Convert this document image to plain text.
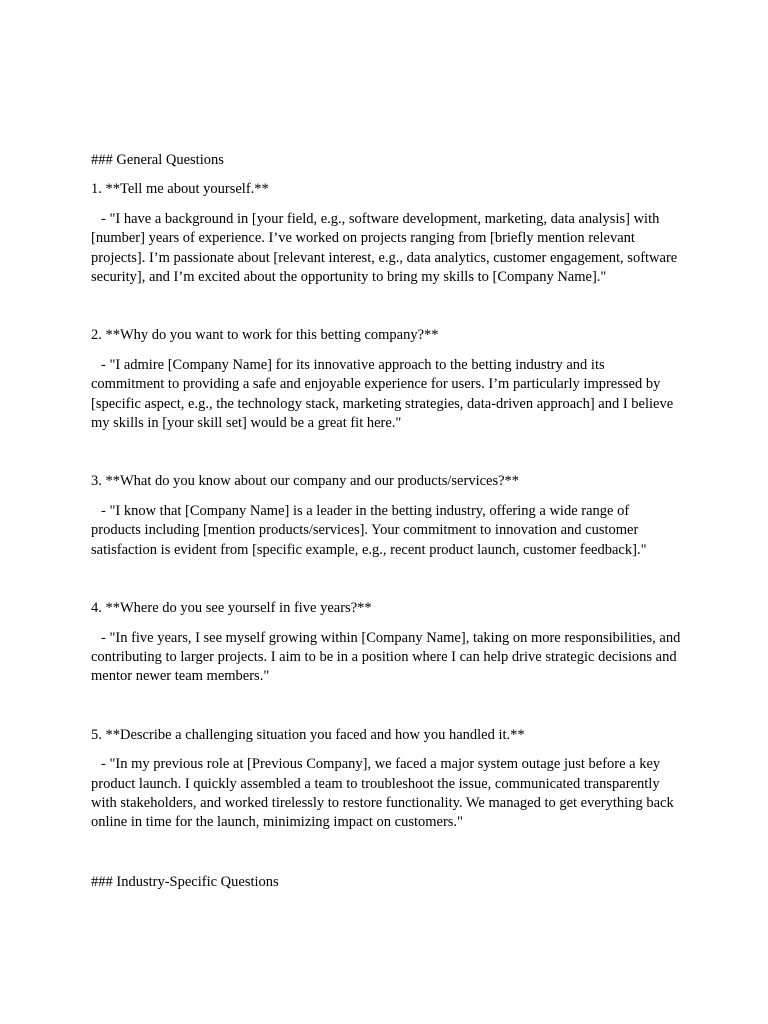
### General Questions

1. **Tell me about yourself.**

- "I have a background in [your field, e.g., software development, marketing, data analysis] with [number] years of experience. I’ve worked on projects ranging from [briefly mention relevant projects]. I’m passionate about [relevant interest, e.g., data analytics, customer engagement, software security], and I’m excited about the opportunity to bring my skills to [Company Name]."

2. **Why do you want to work for this betting company?**

- "I admire [Company Name] for its innovative approach to the betting industry and its commitment to providing a safe and enjoyable experience for users. I’m particularly impressed by [specific aspect, e.g., the technology stack, marketing strategies, data-driven approach] and I believe my skills in [your skill set] would be a great fit here."

3. **What do you know about our company and our products/services?**

- "I know that [Company Name] is a leader in the betting industry, offering a wide range of products including [mention products/services]. Your commitment to innovation and customer satisfaction is evident from [specific example, e.g., recent product launch, customer feedback]."

4. **Where do you see yourself in five years?**

- "In five years, I see myself growing within [Company Name], taking on more responsibilities, and contributing to larger projects. I aim to be in a position where I can help drive strategic decisions and mentor newer team members."

5. **Describe a challenging situation you faced and how you handled it.**

- "In my previous role at [Previous Company], we faced a major system outage just before a key product launch. I quickly assembled a team to troubleshoot the issue, communicated transparently with stakeholders, and worked tirelessly to restore functionality. We managed to get everything back online in time for the launch, minimizing impact on customers."

### Industry-Specific Questions
